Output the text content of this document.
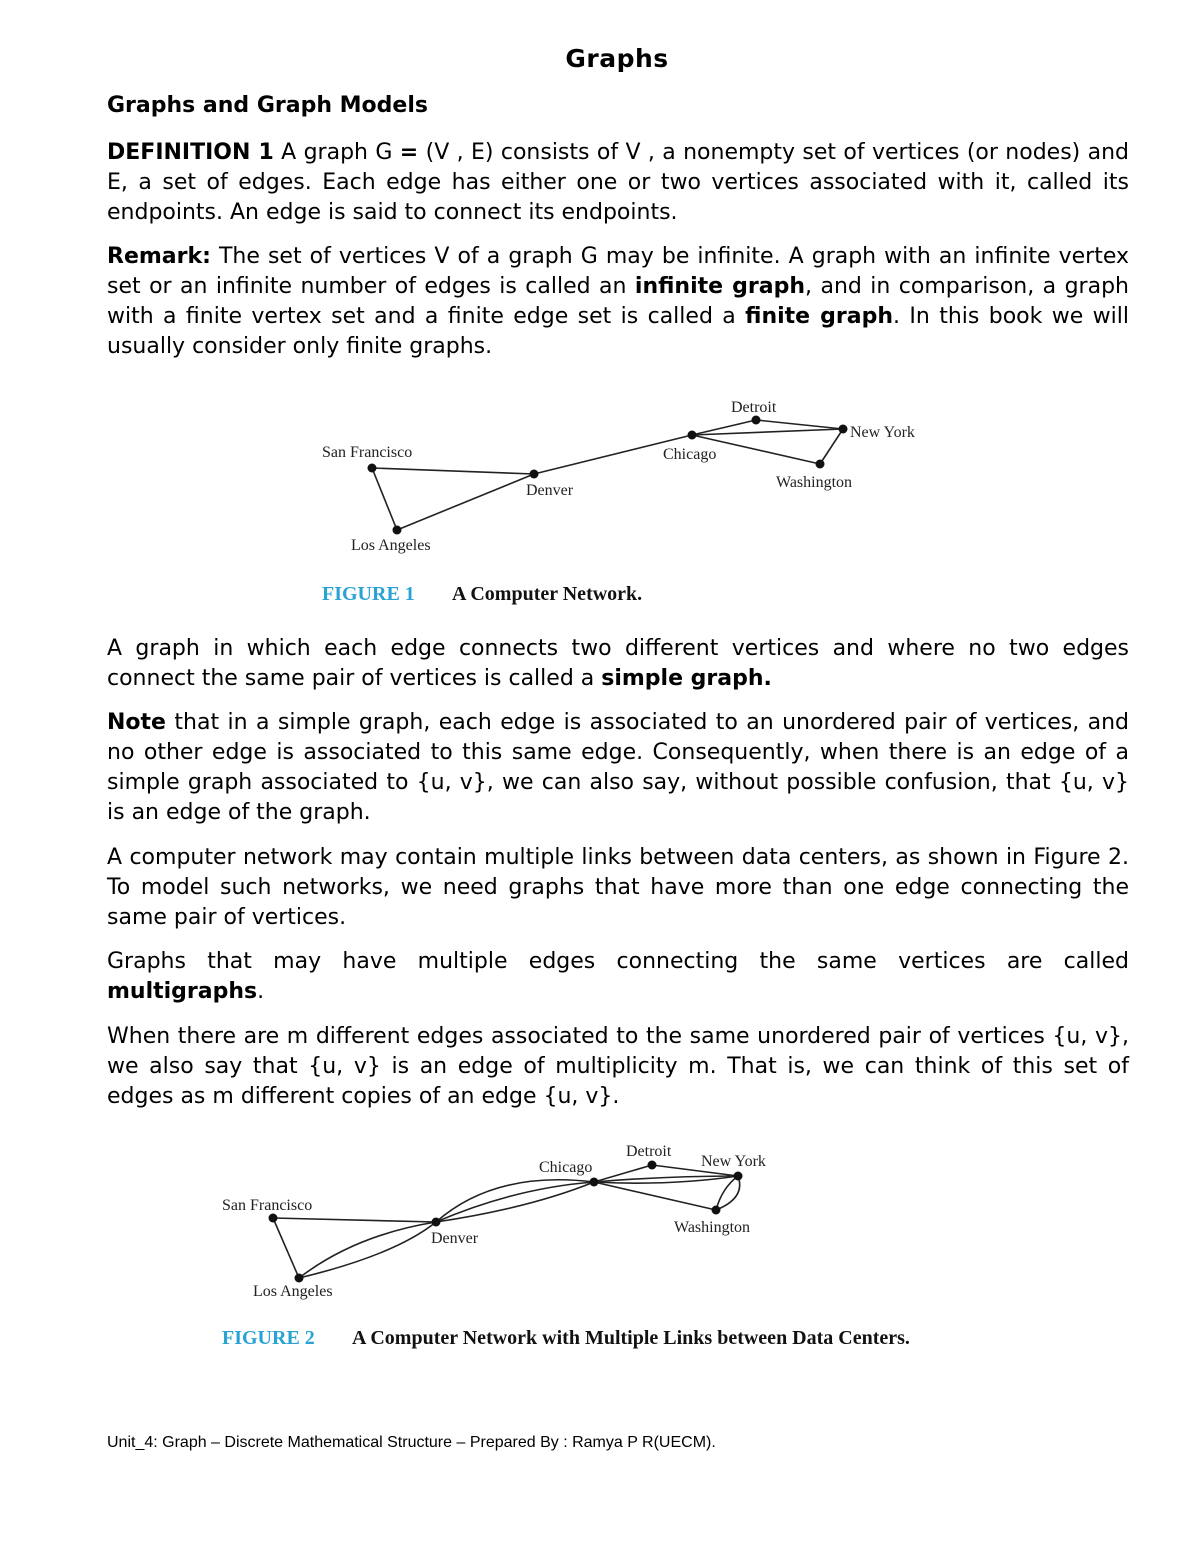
Graphs
Graphs and Graph Models
DEFINITION 1 A graph G = (V , E) consists of V , a nonempty set of vertices (or nodes) and E, a set of edges. Each edge has either one or two vertices associated with it, called its endpoints. An edge is said to connect its endpoints.
Remark: The set of vertices V of a graph G may be infinite. A graph with an infinite vertex set or an infinite number of edges is called an infinite graph, and in comparison, a graph with a finite vertex set and a finite edge set is called a finite graph. In this book we will usually consider only finite graphs.
San Francisco
Denver
Los Angeles
Chicago
Detroit
New York
Washington
FIGURE 1 A Computer Network.
A graph in which each edge connects two different vertices and where no two edges connect the same pair of vertices is called a simple graph.
Note that in a simple graph, each edge is associated to an unordered pair of vertices, and no other edge is associated to this same edge. Consequently, when there is an edge of a simple graph associated to {u, v}, we can also say, without possible confusion, that {u, v} is an edge of the graph.
A computer network may contain multiple links between data centers, as shown in Figure 2. To model such networks, we need graphs that have more than one edge connecting the same pair of vertices.
Graphs that may have multiple edges connecting the same vertices are called multigraphs.
When there are m different edges associated to the same unordered pair of vertices {u, v}, we also say that {u, v} is an edge of multiplicity m. That is, we can think of this set of edges as m different copies of an edge {u, v}.
San Francisco
Denver
Los Angeles
Chicago
Detroit
New York
Washington
FIGURE 2 A Computer Network with Multiple Links between Data Centers.
Unit_4: Graph – Discrete Mathematical Structure – Prepared By : Ramya P R(UECM).
